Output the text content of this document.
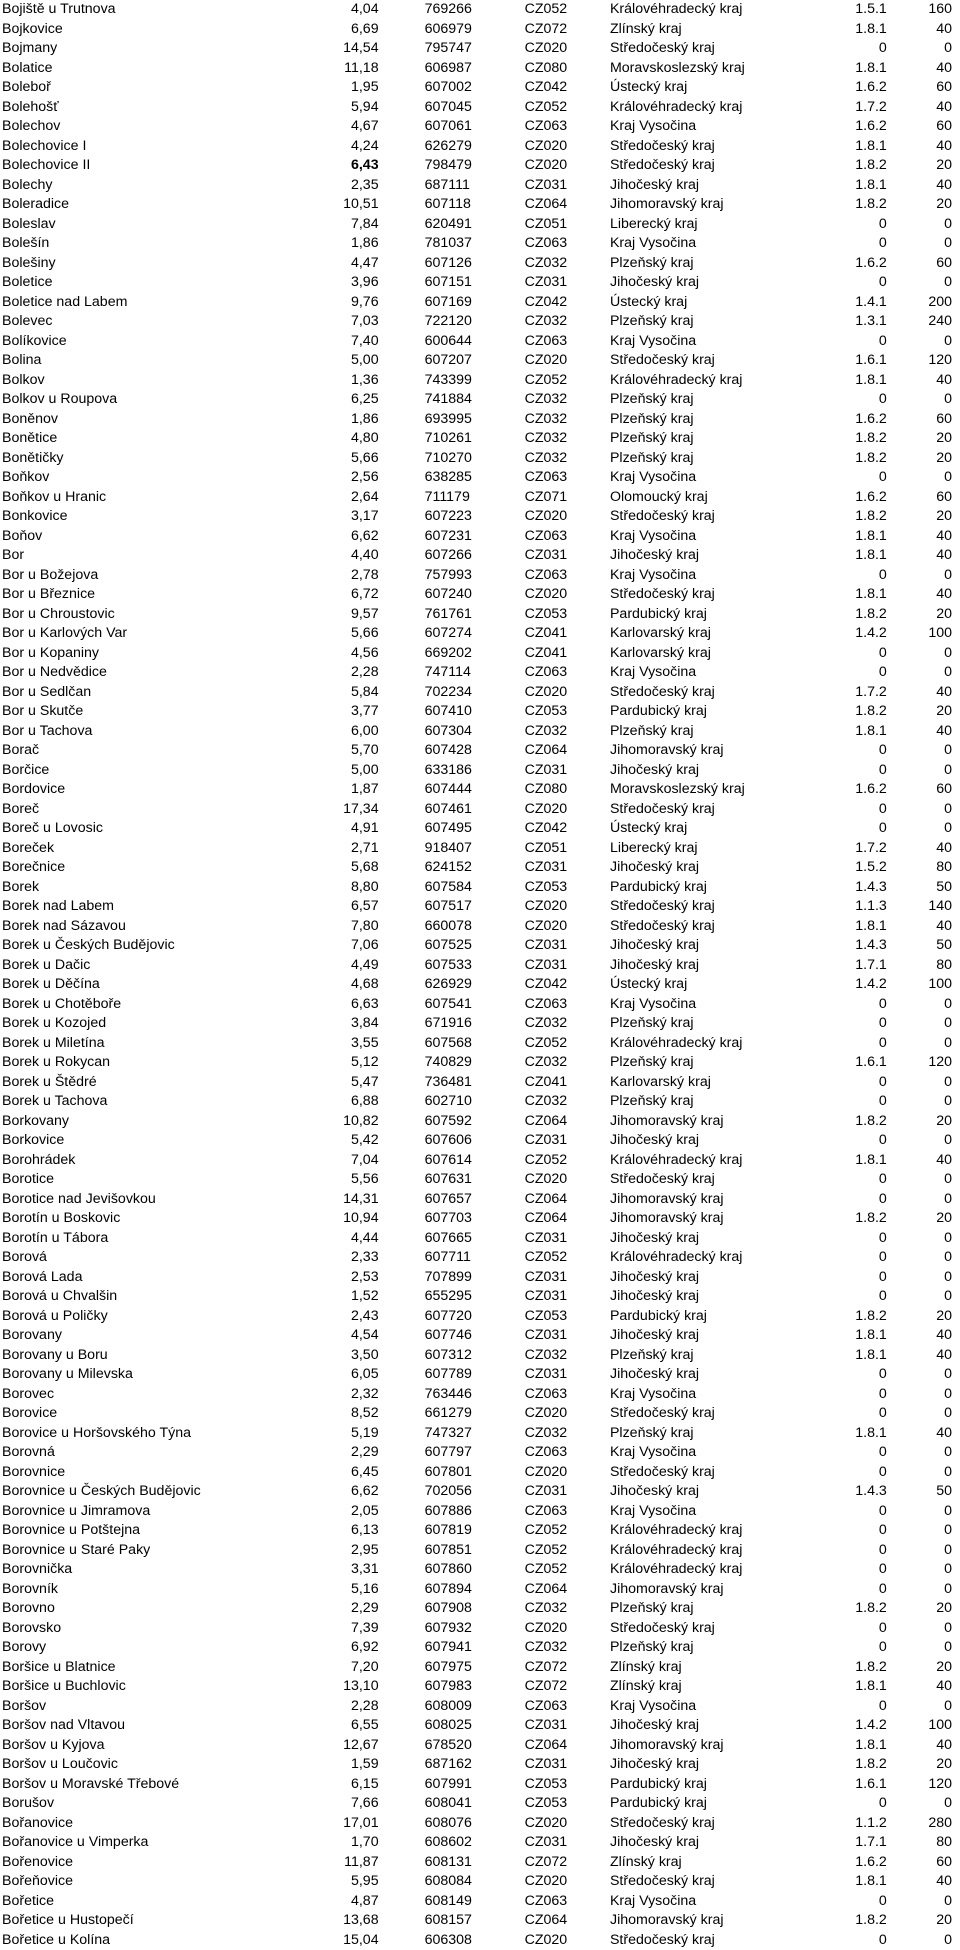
Bojiště u Trutnova	4,04	769266	CZ052	Královéhradecký kraj	1.5.1	160
Bojkovice	6,69	606979	CZ072	Zlínský kraj	1.8.1	40
Bojmany	14,54	795747	CZ020	Středočeský kraj	0	0
Bolatice	11,18	606987	CZ080	Moravskoslezský kraj	1.8.1	40
Boleboř	1,95	607002	CZ042	Ústecký kraj	1.6.2	60
Bolehošť	5,94	607045	CZ052	Královéhradecký kraj	1.7.2	40
Bolechov	4,67	607061	CZ063	Kraj Vysočina	1.6.2	60
Bolechovice I	4,24	626279	CZ020	Středočeský kraj	1.8.1	40
Bolechovice II	6,43	798479	CZ020	Středočeský kraj	1.8.2	20
Bolechy	2,35	687111	CZ031	Jihočeský kraj	1.8.1	40
Boleradice	10,51	607118	CZ064	Jihomoravský kraj	1.8.2	20
Boleslav	7,84	620491	CZ051	Liberecký kraj	0	0
Bolešín	1,86	781037	CZ063	Kraj Vysočina	0	0
Bolešiny	4,47	607126	CZ032	Plzeňský kraj	1.6.2	60
Boletice	3,96	607151	CZ031	Jihočeský kraj	0	0
Boletice nad Labem	9,76	607169	CZ042	Ústecký kraj	1.4.1	200
Bolevec	7,03	722120	CZ032	Plzeňský kraj	1.3.1	240
Bolíkovice	7,40	600644	CZ063	Kraj Vysočina	0	0
Bolina	5,00	607207	CZ020	Středočeský kraj	1.6.1	120
Bolkov	1,36	743399	CZ052	Královéhradecký kraj	1.8.1	40
Bolkov u Roupova	6,25	741884	CZ032	Plzeňský kraj	0	0
Boněnov	1,86	693995	CZ032	Plzeňský kraj	1.6.2	60
Bonětice	4,80	710261	CZ032	Plzeňský kraj	1.8.2	20
Bonětičky	5,66	710270	CZ032	Plzeňský kraj	1.8.2	20
Boňkov	2,56	638285	CZ063	Kraj Vysočina	0	0
Boňkov u Hranic	2,64	711179	CZ071	Olomoucký kraj	1.6.2	60
Bonkovice	3,17	607223	CZ020	Středočeský kraj	1.8.2	20
Boňov	6,62	607231	CZ063	Kraj Vysočina	1.8.1	40
Bor	4,40	607266	CZ031	Jihočeský kraj	1.8.1	40
Bor u Božejova	2,78	757993	CZ063	Kraj Vysočina	0	0
Bor u Březnice	6,72	607240	CZ020	Středočeský kraj	1.8.1	40
Bor u Chroustovic	9,57	761761	CZ053	Pardubický kraj	1.8.2	20
Bor u Karlových Var	5,66	607274	CZ041	Karlovarský kraj	1.4.2	100
Bor u Kopaniny	4,56	669202	CZ041	Karlovarský kraj	0	0
Bor u Nedvědice	2,28	747114	CZ063	Kraj Vysočina	0	0
Bor u Sedlčan	5,84	702234	CZ020	Středočeský kraj	1.7.2	40
Bor u Skutče	3,77	607410	CZ053	Pardubický kraj	1.8.2	20
Bor u Tachova	6,00	607304	CZ032	Plzeňský kraj	1.8.1	40
Borač	5,70	607428	CZ064	Jihomoravský kraj	0	0
Borčice	5,00	633186	CZ031	Jihočeský kraj	0	0
Bordovice	1,87	607444	CZ080	Moravskoslezský kraj	1.6.2	60
Boreč	17,34	607461	CZ020	Středočeský kraj	0	0
Boreč u Lovosic	4,91	607495	CZ042	Ústecký kraj	0	0
Boreček	2,71	918407	CZ051	Liberecký kraj	1.7.2	40
Borečnice	5,68	624152	CZ031	Jihočeský kraj	1.5.2	80
Borek	8,80	607584	CZ053	Pardubický kraj	1.4.3	50
Borek nad Labem	6,57	607517	CZ020	Středočeský kraj	1.1.3	140
Borek nad Sázavou	7,80	660078	CZ020	Středočeský kraj	1.8.1	40
Borek u Českých Budějovic	7,06	607525	CZ031	Jihočeský kraj	1.4.3	50
Borek u Dačic	4,49	607533	CZ031	Jihočeský kraj	1.7.1	80
Borek u Děčína	4,68	626929	CZ042	Ústecký kraj	1.4.2	100
Borek u Chotěboře	6,63	607541	CZ063	Kraj Vysočina	0	0
Borek u Kozojed	3,84	671916	CZ032	Plzeňský kraj	0	0
Borek u Miletína	3,55	607568	CZ052	Královéhradecký kraj	0	0
Borek u Rokycan	5,12	740829	CZ032	Plzeňský kraj	1.6.1	120
Borek u Štědré	5,47	736481	CZ041	Karlovarský kraj	0	0
Borek u Tachova	6,88	602710	CZ032	Plzeňský kraj	0	0
Borkovany	10,82	607592	CZ064	Jihomoravský kraj	1.8.2	20
Borkovice	5,42	607606	CZ031	Jihočeský kraj	0	0
Borohrádek	7,04	607614	CZ052	Královéhradecký kraj	1.8.1	40
Borotice	5,56	607631	CZ020	Středočeský kraj	0	0
Borotice nad Jevišovkou	14,31	607657	CZ064	Jihomoravský kraj	0	0
Borotín u Boskovic	10,94	607703	CZ064	Jihomoravský kraj	1.8.2	20
Borotín u Tábora	4,44	607665	CZ031	Jihočeský kraj	0	0
Borová	2,33	607711	CZ052	Královéhradecký kraj	0	0
Borová Lada	2,53	707899	CZ031	Jihočeský kraj	0	0
Borová u Chvalšin	1,52	655295	CZ031	Jihočeský kraj	0	0
Borová u Poličky	2,43	607720	CZ053	Pardubický kraj	1.8.2	20
Borovany	4,54	607746	CZ031	Jihočeský kraj	1.8.1	40
Borovany u Boru	3,50	607312	CZ032	Plzeňský kraj	1.8.1	40
Borovany u Milevska	6,05	607789	CZ031	Jihočeský kraj	0	0
Borovec	2,32	763446	CZ063	Kraj Vysočina	0	0
Borovice	8,52	661279	CZ020	Středočeský kraj	0	0
Borovice u Horšovského Týna	5,19	747327	CZ032	Plzeňský kraj	1.8.1	40
Borovná	2,29	607797	CZ063	Kraj Vysočina	0	0
Borovnice	6,45	607801	CZ020	Středočeský kraj	0	0
Borovnice u Českých Budějovic	6,62	702056	CZ031	Jihočeský kraj	1.4.3	50
Borovnice u Jimramova	2,05	607886	CZ063	Kraj Vysočina	0	0
Borovnice u Potštejna	6,13	607819	CZ052	Královéhradecký kraj	0	0
Borovnice u Staré Paky	2,95	607851	CZ052	Královéhradecký kraj	0	0
Borovnička	3,31	607860	CZ052	Královéhradecký kraj	0	0
Borovník	5,16	607894	CZ064	Jihomoravský kraj	0	0
Borovno	2,29	607908	CZ032	Plzeňský kraj	1.8.2	20
Borovsko	7,39	607932	CZ020	Středočeský kraj	0	0
Borovy	6,92	607941	CZ032	Plzeňský kraj	0	0
Boršice u Blatnice	7,20	607975	CZ072	Zlínský kraj	1.8.2	20
Boršice u Buchlovic	13,10	607983	CZ072	Zlínský kraj	1.8.1	40
Boršov	2,28	608009	CZ063	Kraj Vysočina	0	0
Boršov nad Vltavou	6,55	608025	CZ031	Jihočeský kraj	1.4.2	100
Boršov u Kyjova	12,67	678520	CZ064	Jihomoravský kraj	1.8.1	40
Boršov u Loučovic	1,59	687162	CZ031	Jihočeský kraj	1.8.2	20
Boršov u Moravské Třebové	6,15	607991	CZ053	Pardubický kraj	1.6.1	120
Borušov	7,66	608041	CZ053	Pardubický kraj	0	0
Bořanovice	17,01	608076	CZ020	Středočeský kraj	1.1.2	280
Bořanovice u Vimperka	1,70	608602	CZ031	Jihočeský kraj	1.7.1	80
Bořenovice	11,87	608131	CZ072	Zlínský kraj	1.6.2	60
Bořeňovice	5,95	608084	CZ020	Středočeský kraj	1.8.1	40
Bořetice	4,87	608149	CZ063	Kraj Vysočina	0	0
Bořetice u Hustopečí	13,68	608157	CZ064	Jihomoravský kraj	1.8.2	20
Bořetice u Kolína	15,04	606308	CZ020	Středočeský kraj	0	0
